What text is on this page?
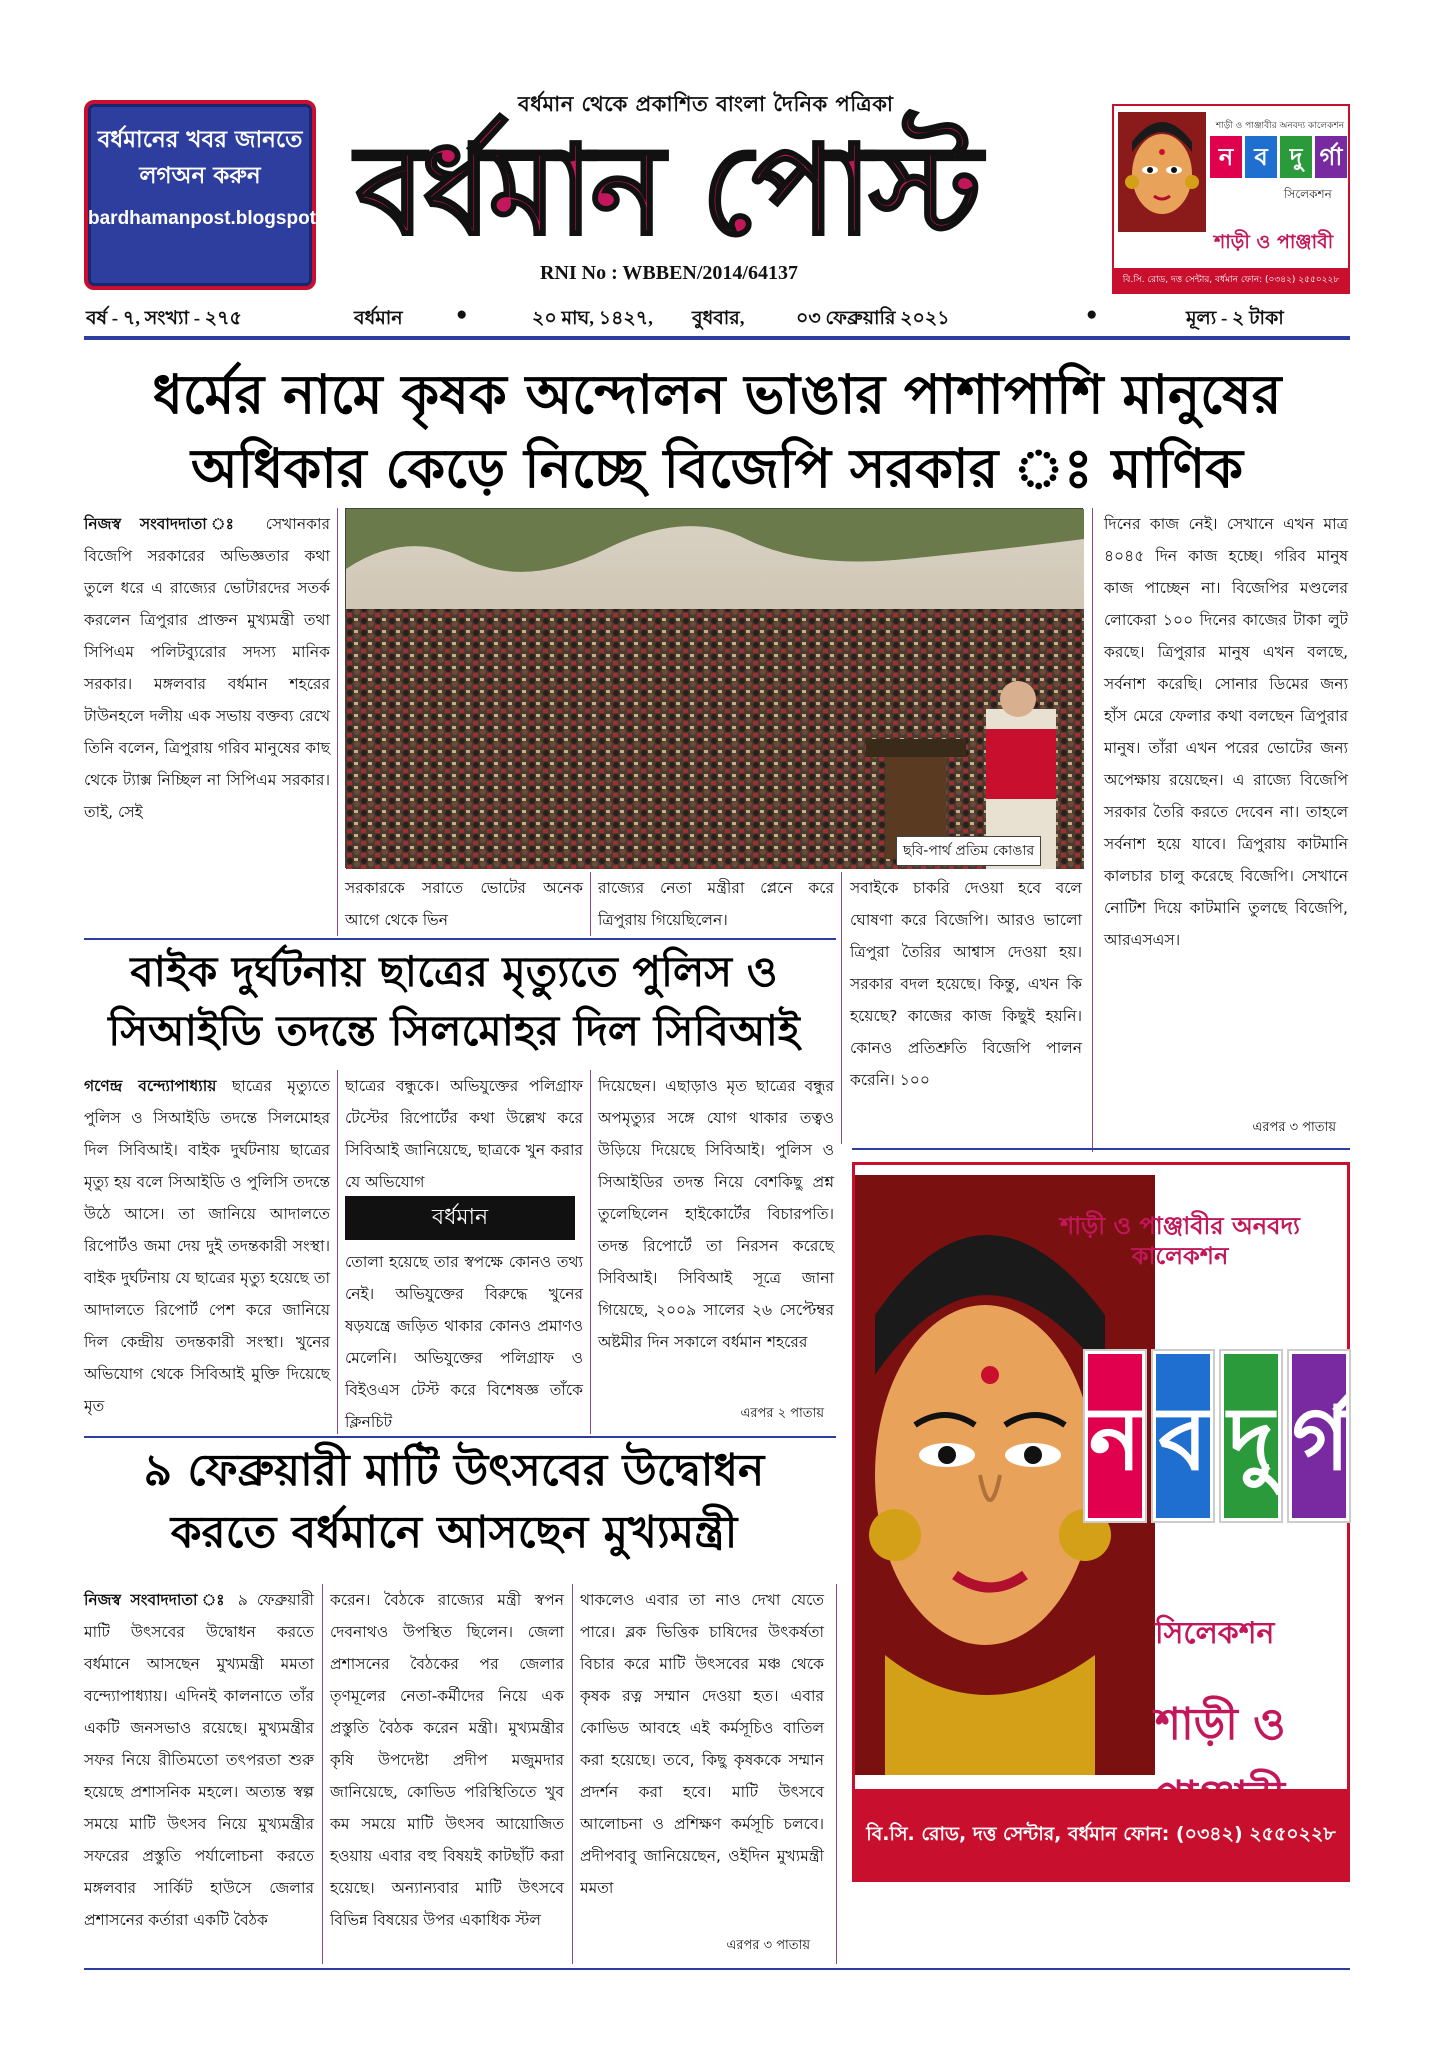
বর্ধমানের খবর জানতে
লগঅন করুন
bardhamanpost.blogspot.in
বর্ধমান থেকে প্রকাশিত বাংলা দৈনিক পত্রিকা
বর্ধমান পোস্ট
RNI No : WBBEN/2014/64137
শাড়ী ও পাঞ্জাবীর অনবদ্য কালেকশন
ন ব দু র্গা
সিলেকশন
শাড়ী ও পাঞ্জাবী
বি.সি. রোড, দত্ত সেন্টার, বর্ধমান ফোন: (০৩৪২) ২৫৫০২২৮
বর্ষ - ৭, সংখ্যা - ২৭৫	বর্ধমান	●	২০ মাঘ, ১৪২৭, বুধবার,	০৩ ফেব্রুয়ারি ২০২১	●	মূল্য - ২ টাকা
ধর্মের নামে কৃষক অন্দোলন ভাঙার পাশাপাশি মানুষের
অধিকার কেড়ে নিচ্ছে বিজেপি সরকার ঃ মাণিক
নিজস্ব সংবাদদাতা ঃ সেখানকার বিজেপি সরকারের অভিজ্ঞতার কথা তুলে ধরে এ রাজ্যের ভোটারদের সতর্ক করলেন ত্রিপুরার প্রাক্তন মুখ্যমন্ত্রী তথা সিপিএম পলিটব্যুরোর সদস্য মানিক সরকার। মঙ্গলবার বর্ধমান শহরের টাউনহলে দলীয় এক সভায় বক্তব্য রেখে তিনি বলেন, ত্রিপুরায় গরিব মানুষের কাছ থেকে ট্যাক্স নিচ্ছিল না সিপিএম সরকার। তাই, সেই
ছবি-পার্থ প্রতিম কোঙার
সরকারকে সরাতে ভোটের অনেক আগে থেকে ভিন
রাজ্যের নেতা মন্ত্রীরা প্লেনে করে ত্রিপুরায় গিয়েছিলেন।
সবাইকে চাকরি দেওয়া হবে বলে ঘোষণা করে বিজেপি। আরও ভালো ত্রিপুরা তৈরির আশ্বাস দেওয়া হয়। সরকার বদল হয়েছে। কিন্তু, এখন কি হয়েছে? কাজের কাজ কিছুই হয়নি। কোনও প্রতিশ্রুতি বিজেপি পালন করেনি। ১০০
দিনের কাজ নেই। সেখানে এখন মাত্র ৪০৪৫ দিন কাজ হচ্ছে। গরিব মানুষ কাজ পাচ্ছেন না। বিজেপির মণ্ডলের লোকেরা ১০০ দিনের কাজের টাকা লুট করছে। ত্রিপুরার মানুষ এখন বলছে, সর্বনাশ করেছি। সোনার ডিমের জন্য হাঁস মেরে ফেলার কথা বলছেন ত্রিপুরার মানুষ। তাঁরা এখন পরের ভোটের জন্য অপেক্ষায় রয়েছেন। এ রাজ্যে বিজেপি সরকার তৈরি করতে দেবেন না। তাহলে সর্বনাশ হয়ে যাবে। ত্রিপুরায় কাটমানি কালচার চালু করেছে বিজেপি। সেখানে নোটিশ দিয়ে কাটমানি তুলছে বিজেপি, আরএসএস।
এরপর ৩ পাতায়
বাইক দুর্ঘটনায় ছাত্রের মৃত্যুতে পুলিস ও
সিআইডি তদন্তে সিলমোহর দিল সিবিআই
গণেন্দ্র বন্দ্যোপাধ্যায় ছাত্রের মৃত্যুতে পুলিস ও সিআইডি তদন্তে সিলমোহর দিল সিবিআই। বাইক দুর্ঘটনায় ছাত্রের মৃত্যু হয় বলে সিআইডি ও পুলিসি তদন্তে উঠে আসে। তা জানিয়ে আদালতে রিপোর্টও জমা দেয় দুই তদন্তকারী সংস্থা। বাইক দুর্ঘটনায় যে ছাত্রের মৃত্যু হয়েছে তা আদালতে রিপোর্ট পেশ করে জানিয়ে দিল কেন্দ্রীয় তদন্তকারী সংস্থা। খুনের অভিযোগ থেকে সিবিআই মুক্তি দিয়েছে মৃত
ছাত্রের বন্ধুকে। অভিযুক্তের পলিগ্রাফ টেস্টের রিপোর্টের কথা উল্লেখ করে সিবিআই জানিয়েছে, ছাত্রকে খুন করার যে অভিযোগ
বর্ধমান
তোলা হয়েছে তার স্বপক্ষে কোনও তথ্য নেই। অভিযুক্তের বিরুদ্ধে খুনের ষড়যন্ত্রে জড়িত থাকার কোনও প্রমাণও মেলেনি। অভিযুক্তের পলিগ্রাফ ও বিইওএস টেস্ট করে বিশেষজ্ঞ তাঁকে ক্লিনচিট
দিয়েছেন। এছাড়াও মৃত ছাত্রের বন্ধুর অপমৃত্যুর সঙ্গে যোগ থাকার তত্বও উড়িয়ে দিয়েছে সিবিআই। পুলিস ও সিআইডির তদন্ত নিয়ে বেশকিছু প্রশ্ন তুলেছিলেন হাইকোর্টের বিচারপতি। তদন্ত রিপোর্টে তা নিরসন করেছে সিবিআই। সিবিআই সূত্রে জানা গিয়েছে, ২০০৯ সালের ২৬ সেপ্টেম্বর অষ্টমীর দিন সকালে বর্ধমান শহরের
এরপর ২ পাতায়
৯ ফেব্রুয়ারী মাটি উৎসবের উদ্বোধন
করতে বর্ধমানে আসছেন মুখ্যমন্ত্রী
নিজস্ব সংবাদদাতা ঃ ৯ ফেব্রুয়ারী মাটি উৎসবের উদ্বোধন করতে বর্ধমানে আসছেন মুখ্যমন্ত্রী মমতা বন্দ্যোপাধ্যায়। এদিনই কালনাতে তাঁর একটি জনসভাও রয়েছে। মুখ্যমন্ত্রীর সফর নিয়ে রীতিমতো তৎপরতা শুরু হয়েছে প্রশাসনিক মহলে। অত্যন্ত স্বল্প সময়ে মাটি উৎসব নিয়ে মুখ্যমন্ত্রীর সফরের প্রস্তুতি পর্যালোচনা করতে মঙ্গলবার সার্কিট হাউসে জেলার প্রশাসনের কর্তারা একটি বৈঠক
করেন। বৈঠকে রাজ্যের মন্ত্রী স্বপন দেবনাথও উপস্থিত ছিলেন। জেলা প্রশাসনের বৈঠকের পর জেলার তৃণমূলের নেতা-কর্মীদের নিয়ে এক প্রস্তুতি বৈঠক করেন মন্ত্রী। মুখ্যমন্ত্রীর কৃষি উপদেষ্টা প্রদীপ মজুমদার জানিয়েছে, কোভিড পরিস্থিতিতে খুব কম সময়ে মাটি উৎসব আয়োজিত হওয়ায় এবার বহু বিষয়ই কাটছাঁট করা হয়েছে। অন্যান্যবার মাটি উৎসবে বিভিন্ন বিষয়ের উপর একাধিক স্টল
থাকলেও এবার তা নাও দেখা যেতে পারে। ব্লক ভিত্তিক চাষিদের উৎকর্ষতা বিচার করে মাটি উৎসবের মঞ্চ থেকে কৃষক রত্ন সম্মান দেওয়া হত। এবার কোভিড আবহে এই কর্মসূচিও বাতিল করা হয়েছে। তবে, কিছু কৃষককে সম্মান প্রদর্শন করা হবে। মাটি উৎসবে আলোচনা ও প্রশিক্ষণ কর্মসূচি চলবে। প্রদীপবাবু জানিয়েছেন, ওইদিন মুখ্যমন্ত্রী মমতা
এরপর ৩ পাতায়
শাড়ী ও পাঞ্জাবীর অনবদ্য কালেকশন
ন ব দু র্গা
সিলেকশন
শাড়ী ও
বি.সি. রোড, দত্ত সেন্টার, বর্ধমান ফোন: (০৩৪২) ২৫৫০২২৮
